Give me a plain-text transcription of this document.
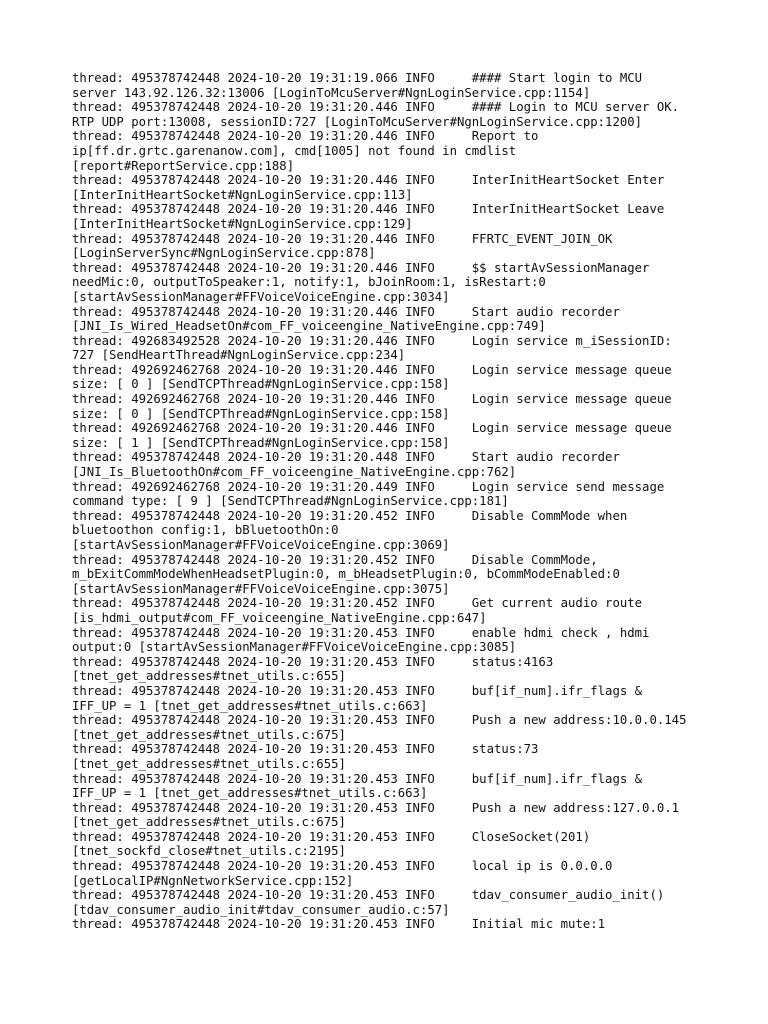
thread: 495378742448 2024-10-20 19:31:19.066 INFO     #### Start login to MCU
server 143.92.126.32:13006 [LoginToMcuServer#NgnLoginService.cpp:1154]
thread: 495378742448 2024-10-20 19:31:20.446 INFO     #### Login to MCU server OK.
RTP UDP port:13008, sessionID:727 [LoginToMcuServer#NgnLoginService.cpp:1200]
thread: 495378742448 2024-10-20 19:31:20.446 INFO     Report to
ip[ff.dr.grtc.garenanow.com], cmd[1005] not found in cmdlist
[report#ReportService.cpp:188]
thread: 495378742448 2024-10-20 19:31:20.446 INFO     InterInitHeartSocket Enter
[InterInitHeartSocket#NgnLoginService.cpp:113]
thread: 495378742448 2024-10-20 19:31:20.446 INFO     InterInitHeartSocket Leave
[InterInitHeartSocket#NgnLoginService.cpp:129]
thread: 495378742448 2024-10-20 19:31:20.446 INFO     FFRTC_EVENT_JOIN_OK
[LoginServerSync#NgnLoginService.cpp:878]
thread: 495378742448 2024-10-20 19:31:20.446 INFO     $$ startAvSessionManager
needMic:0, outputToSpeaker:1, notify:1, bJoinRoom:1, isRestart:0
[startAvSessionManager#FFVoiceVoiceEngine.cpp:3034]
thread: 495378742448 2024-10-20 19:31:20.446 INFO     Start audio recorder
[JNI_Is_Wired_HeadsetOn#com_FF_voiceengine_NativeEngine.cpp:749]
thread: 492683492528 2024-10-20 19:31:20.446 INFO     Login service m_iSessionID:
727 [SendHeartThread#NgnLoginService.cpp:234]
thread: 492692462768 2024-10-20 19:31:20.446 INFO     Login service message queue
size: [ 0 ] [SendTCPThread#NgnLoginService.cpp:158]
thread: 492692462768 2024-10-20 19:31:20.446 INFO     Login service message queue
size: [ 0 ] [SendTCPThread#NgnLoginService.cpp:158]
thread: 492692462768 2024-10-20 19:31:20.446 INFO     Login service message queue
size: [ 1 ] [SendTCPThread#NgnLoginService.cpp:158]
thread: 495378742448 2024-10-20 19:31:20.448 INFO     Start audio recorder
[JNI_Is_BluetoothOn#com_FF_voiceengine_NativeEngine.cpp:762]
thread: 492692462768 2024-10-20 19:31:20.449 INFO     Login service send message
command type: [ 9 ] [SendTCPThread#NgnLoginService.cpp:181]
thread: 495378742448 2024-10-20 19:31:20.452 INFO     Disable CommMode when
bluetoothon config:1, bBluetoothOn:0
[startAvSessionManager#FFVoiceVoiceEngine.cpp:3069]
thread: 495378742448 2024-10-20 19:31:20.452 INFO     Disable CommMode,
m_bExitCommModeWhenHeadsetPlugin:0, m_bHeadsetPlugin:0, bCommModeEnabled:0
[startAvSessionManager#FFVoiceVoiceEngine.cpp:3075]
thread: 495378742448 2024-10-20 19:31:20.452 INFO     Get current audio route
[is_hdmi_output#com_FF_voiceengine_NativeEngine.cpp:647]
thread: 495378742448 2024-10-20 19:31:20.453 INFO     enable hdmi check , hdmi
output:0 [startAvSessionManager#FFVoiceVoiceEngine.cpp:3085]
thread: 495378742448 2024-10-20 19:31:20.453 INFO     status:4163
[tnet_get_addresses#tnet_utils.c:655]
thread: 495378742448 2024-10-20 19:31:20.453 INFO     buf[if_num].ifr_flags &
IFF_UP = 1 [tnet_get_addresses#tnet_utils.c:663]
thread: 495378742448 2024-10-20 19:31:20.453 INFO     Push a new address:10.0.0.145
[tnet_get_addresses#tnet_utils.c:675]
thread: 495378742448 2024-10-20 19:31:20.453 INFO     status:73
[tnet_get_addresses#tnet_utils.c:655]
thread: 495378742448 2024-10-20 19:31:20.453 INFO     buf[if_num].ifr_flags &
IFF_UP = 1 [tnet_get_addresses#tnet_utils.c:663]
thread: 495378742448 2024-10-20 19:31:20.453 INFO     Push a new address:127.0.0.1
[tnet_get_addresses#tnet_utils.c:675]
thread: 495378742448 2024-10-20 19:31:20.453 INFO     CloseSocket(201)
[tnet_sockfd_close#tnet_utils.c:2195]
thread: 495378742448 2024-10-20 19:31:20.453 INFO     local ip is 0.0.0.0
[getLocalIP#NgnNetworkService.cpp:152]
thread: 495378742448 2024-10-20 19:31:20.453 INFO     tdav_consumer_audio_init()
[tdav_consumer_audio_init#tdav_consumer_audio.c:57]
thread: 495378742448 2024-10-20 19:31:20.453 INFO     Initial mic mute:1
